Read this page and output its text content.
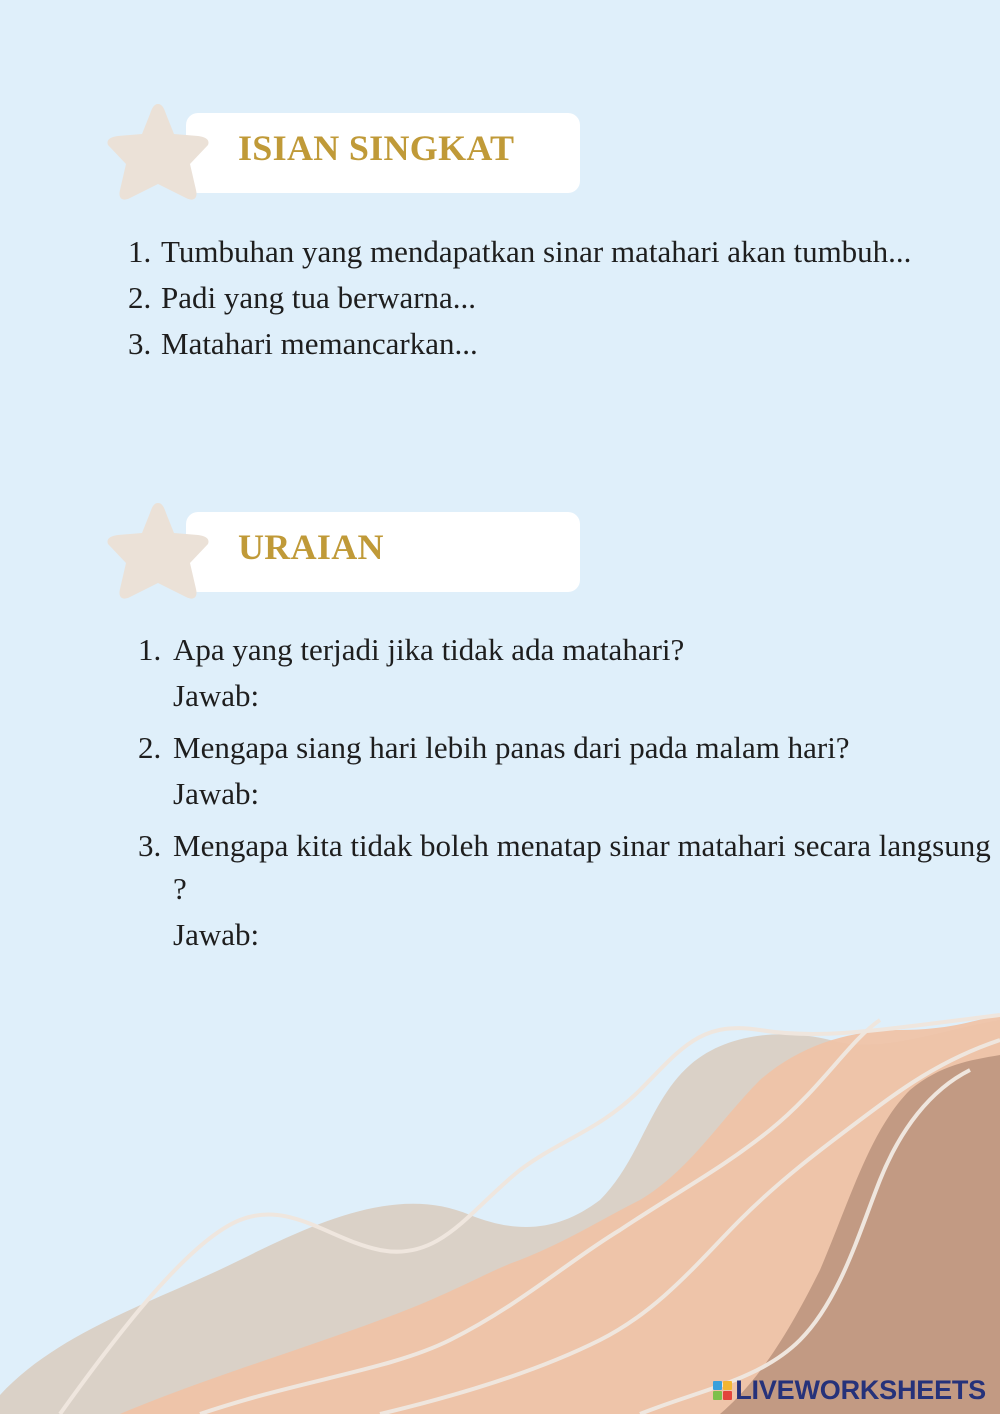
ISIAN SINGKAT
1. Tumbuhan yang mendapatkan sinar matahari akan tumbuh...
2. Padi yang tua berwarna...
3. Matahari memancarkan...
URAIAN
1. Apa yang terjadi jika tidak ada matahari?
Jawab:
2. Mengapa siang hari lebih panas dari pada malam hari?
Jawab:
3. Mengapa kita tidak boleh menatap sinar matahari secara langsung ?
Jawab:
LIVEWORKSHEETS
